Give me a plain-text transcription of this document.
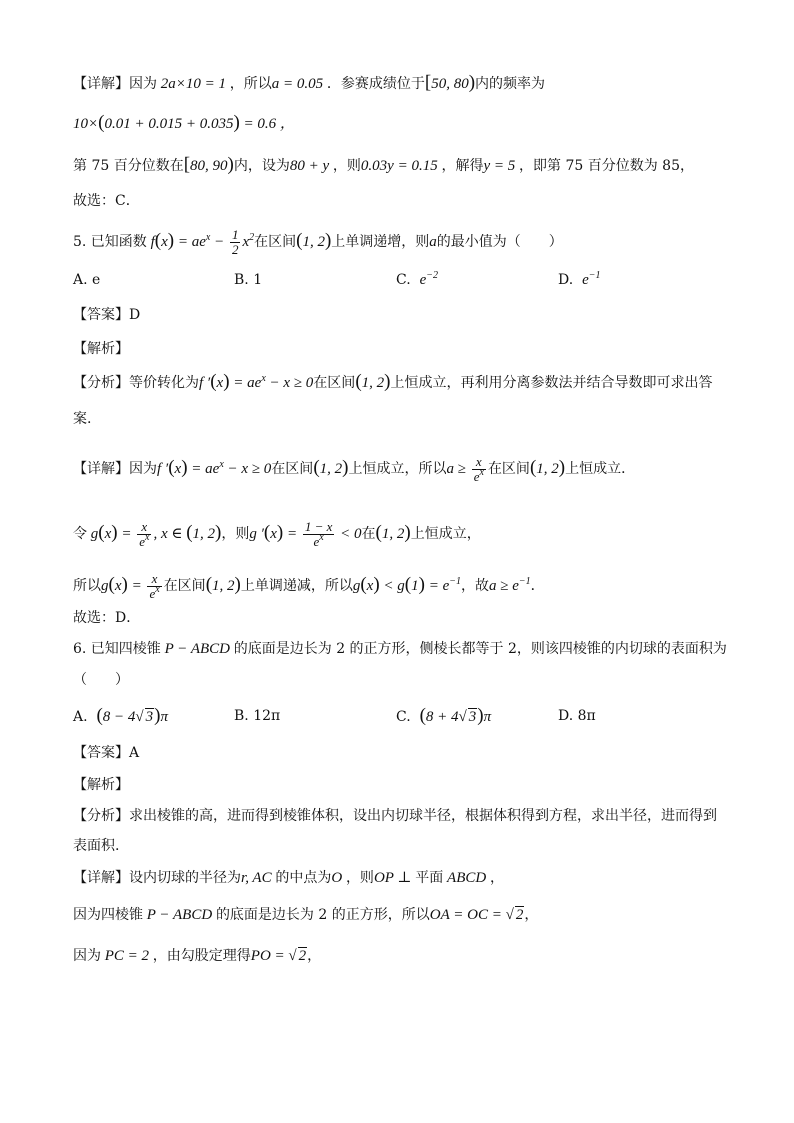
【详解】因为 2a×10 = 1 ，所以a = 0.05 ．参赛成绩位于[50, 80)内的频率为
10×(0.01 + 0.015 + 0.035) = 0.6 ，
第 75 百分位数在[80, 90)内，设为80 + y ，则0.03y = 0.15 ，解得y = 5 ，即第 75 百分位数为 85，
故选：C．
5. 已知函数 $f(x) = ae^x - \frac{1}{2} x^2$在区间(1, 2)上单调递增，则a的最小值为（　　）
A. e	B. 1	C. $e^{-2}$	D. $e^{-1}$
【答案】D
【解析】
【分析】等价转化为f $'(x) = ae^x - x \ge 0$在区间(1, 2)上恒成立，再利用分离参数法并结合导数即可求出答
案.
【详解】因为f $'(x) = ae^x - x \ge 0$在区间(1, 2)上恒成立，所以$a \ge \frac{x}{e^x}$ 在区间(1, 2)上恒成立．
令 $g(x) = \frac{x}{e^x}$ , x ∈ (1, 2)，则g $'(x) = \frac{1 - x}{e^x} < 0$在(1, 2)上恒成立，
所以$g(x) = \frac{x}{e^x}$ 在区间(1, 2)上单调递减，所以$g(x) < g(1) = e^{-1}$，故$a \ge e^{-1}$．
故选：D．
6. 已知四棱锥 P − ABCD 的底面是边长为 2 的正方形，侧棱长都等于 2，则该四棱锥的内切球的表面积为
（　　）
A. (8 − 4√ 3)π	B. 12π	C. (8 + 4√ 3)π	D. 8π
【答案】A
【解析】
【分析】求出棱锥的高，进而得到棱锥体积，设出内切球半径，根据体积得到方程，求出半径，进而得到
表面积.
【详解】设内切球的半径为r, AC 的中点为O ，则OP ⊥ 平面 ABCD ，
因为四棱锥 P − ABCD 的底面是边长为 2 的正方形，所以OA = OC = √ 2，
因为 PC = 2 ，由勾股定理得PO = √ 2，
